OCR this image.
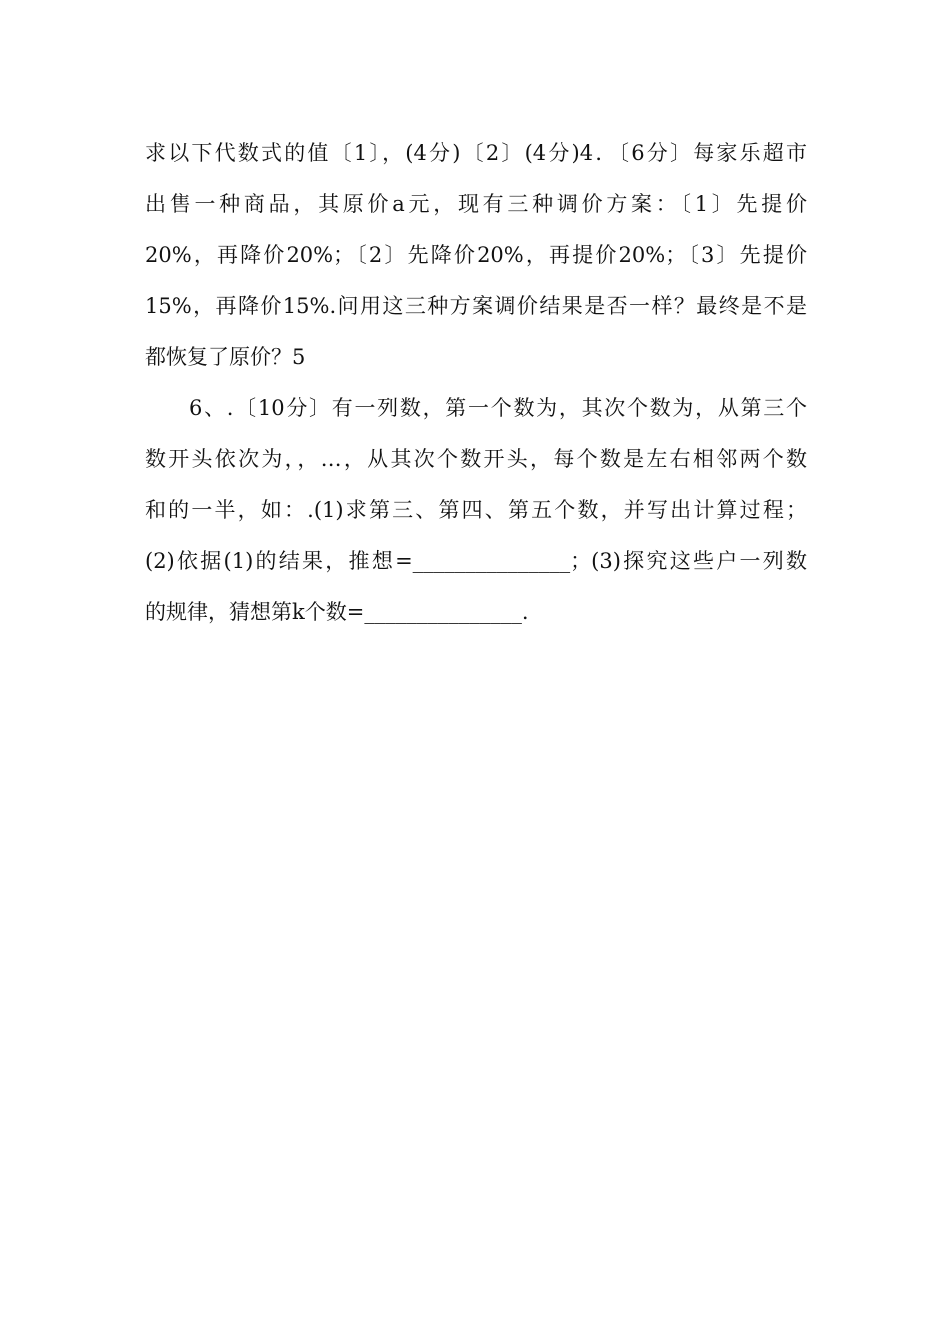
求以下代数式的值〔1〕，(4分)〔2〕(4分)4．〔6分〕每家乐超市
出售一种商品，其原价a元，现有三种调价方案：〔1〕先提价
20%，再降价20%；〔2〕先降价20%，再提价20%；〔3〕先提价
15%，再降价15%.问用这三种方案调价结果是否一样？最终是不是
都恢复了原价？5
6、.〔10分〕有一列数，第一个数为，其次个数为，从第三个
数开头依次为，，…，从其次个数开头，每个数是左右相邻两个数
和的一半，如：.(1)求第三、第四、第五个数，并写出计算过程；
(2)依据(1)的结果，推想=_______________；(3)探究这些户一列数
的规律，猜想第k个数=_______________.
